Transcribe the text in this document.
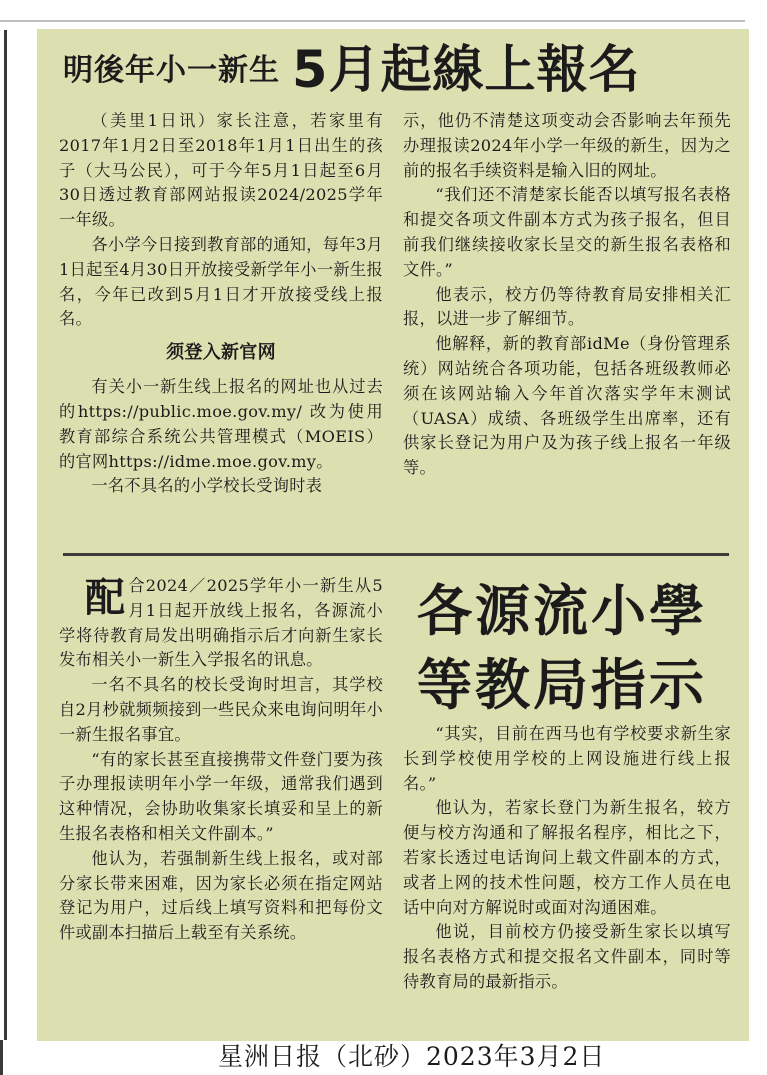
明後年小一新生 5月起線上報名

（美里1日讯）家长注意，若家里有2017年1月2日至2018年1月1日出生的孩子（大马公民），可于今年5月1日起至6月30日透过教育部网站报读2024/2025学年一年级。

各小学今日接到教育部的通知，每年3月1日起至4月30日开放接受新学年小一新生报名，今年已改到5月1日才开放接受线上报名。

须登入新官网

有关小一新生线上报名的网址也从过去的https://public.moe.gov.my/ 改为使用教育部综合系统公共管理模式（MOEIS）的官网https://idme.moe.gov.my。

一名不具名的小学校长受询时表

示，他仍不清楚这项变动会否影响去年预先办理报读2024年小学一年级的新生，因为之前的报名手续资料是输入旧的网址。

“我们还不清楚家长能否以填写报名表格和提交各项文件副本方式为孩子报名，但目前我们继续接收家长呈交的新生报名表格和文件。”

他表示，校方仍等待教育局安排相关汇报，以进一步了解细节。

他解释，新的教育部idMe（身份管理系统）网站统合各项功能，包括各班级教师必须在该网站输入今年首次落实学年末测试（UASA）成绩、各班级学生出席率，还有供家长登记为用户及为孩子线上报名一年级等。

配合2024／2025学年小一新生从5月1日起开放线上报名，各源流小学将待教育局发出明确指示后才向新生家长发布相关小一新生入学报名的讯息。

一名不具名的校长受询时坦言，其学校自2月杪就频频接到一些民众来电询问明年小一新生报名事宜。

“有的家长甚至直接携带文件登门要为孩子办理报读明年小学一年级，通常我们遇到这种情况，会协助收集家长填妥和呈上的新生报名表格和相关文件副本。”

他认为，若强制新生线上报名，或对部分家长带来困难，因为家长必须在指定网站登记为用户，过后线上填写资料和把每份文件或副本扫描后上载至有关系统。

各源流小學
等教局指示

“其实，目前在西马也有学校要求新生家长到学校使用学校的上网设施进行线上报名。”

他认为，若家长登门为新生报名，较方便与校方沟通和了解报名程序，相比之下，若家长透过电话询问上载文件副本的方式，或者上网的技术性问题，校方工作人员在电话中向对方解说时或面对沟通困难。

他说，目前校方仍接受新生家长以填写报名表格方式和提交报名文件副本，同时等待教育局的最新指示。

星洲日报（北砂）2023年3月2日
